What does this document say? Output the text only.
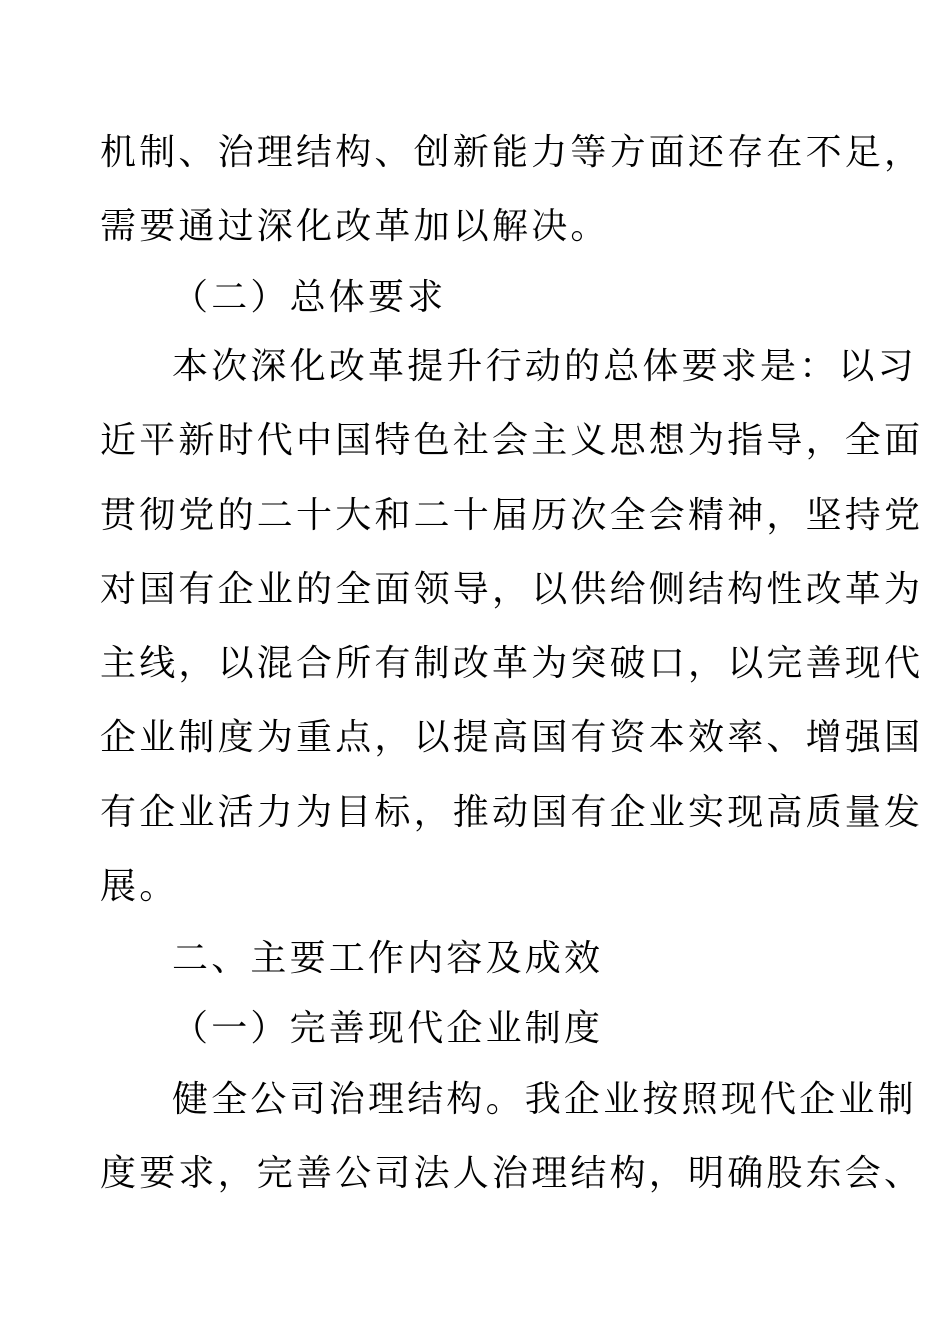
机制、治理结构、创新能力等方面还存在不足，
需要通过深化改革加以解决。
（二）总体要求
本次深化改革提升行动的总体要求是：以习
近平新时代中国特色社会主义思想为指导，全面
贯彻党的二十大和二十届历次全会精神，坚持党
对国有企业的全面领导，以供给侧结构性改革为
主线，以混合所有制改革为突破口，以完善现代
企业制度为重点，以提高国有资本效率、增强国
有企业活力为目标，推动国有企业实现高质量发
展。
二、主要工作内容及成效
（一）完善现代企业制度
健全公司治理结构。我企业按照现代企业制
度要求，完善公司法人治理结构，明确股东会、
